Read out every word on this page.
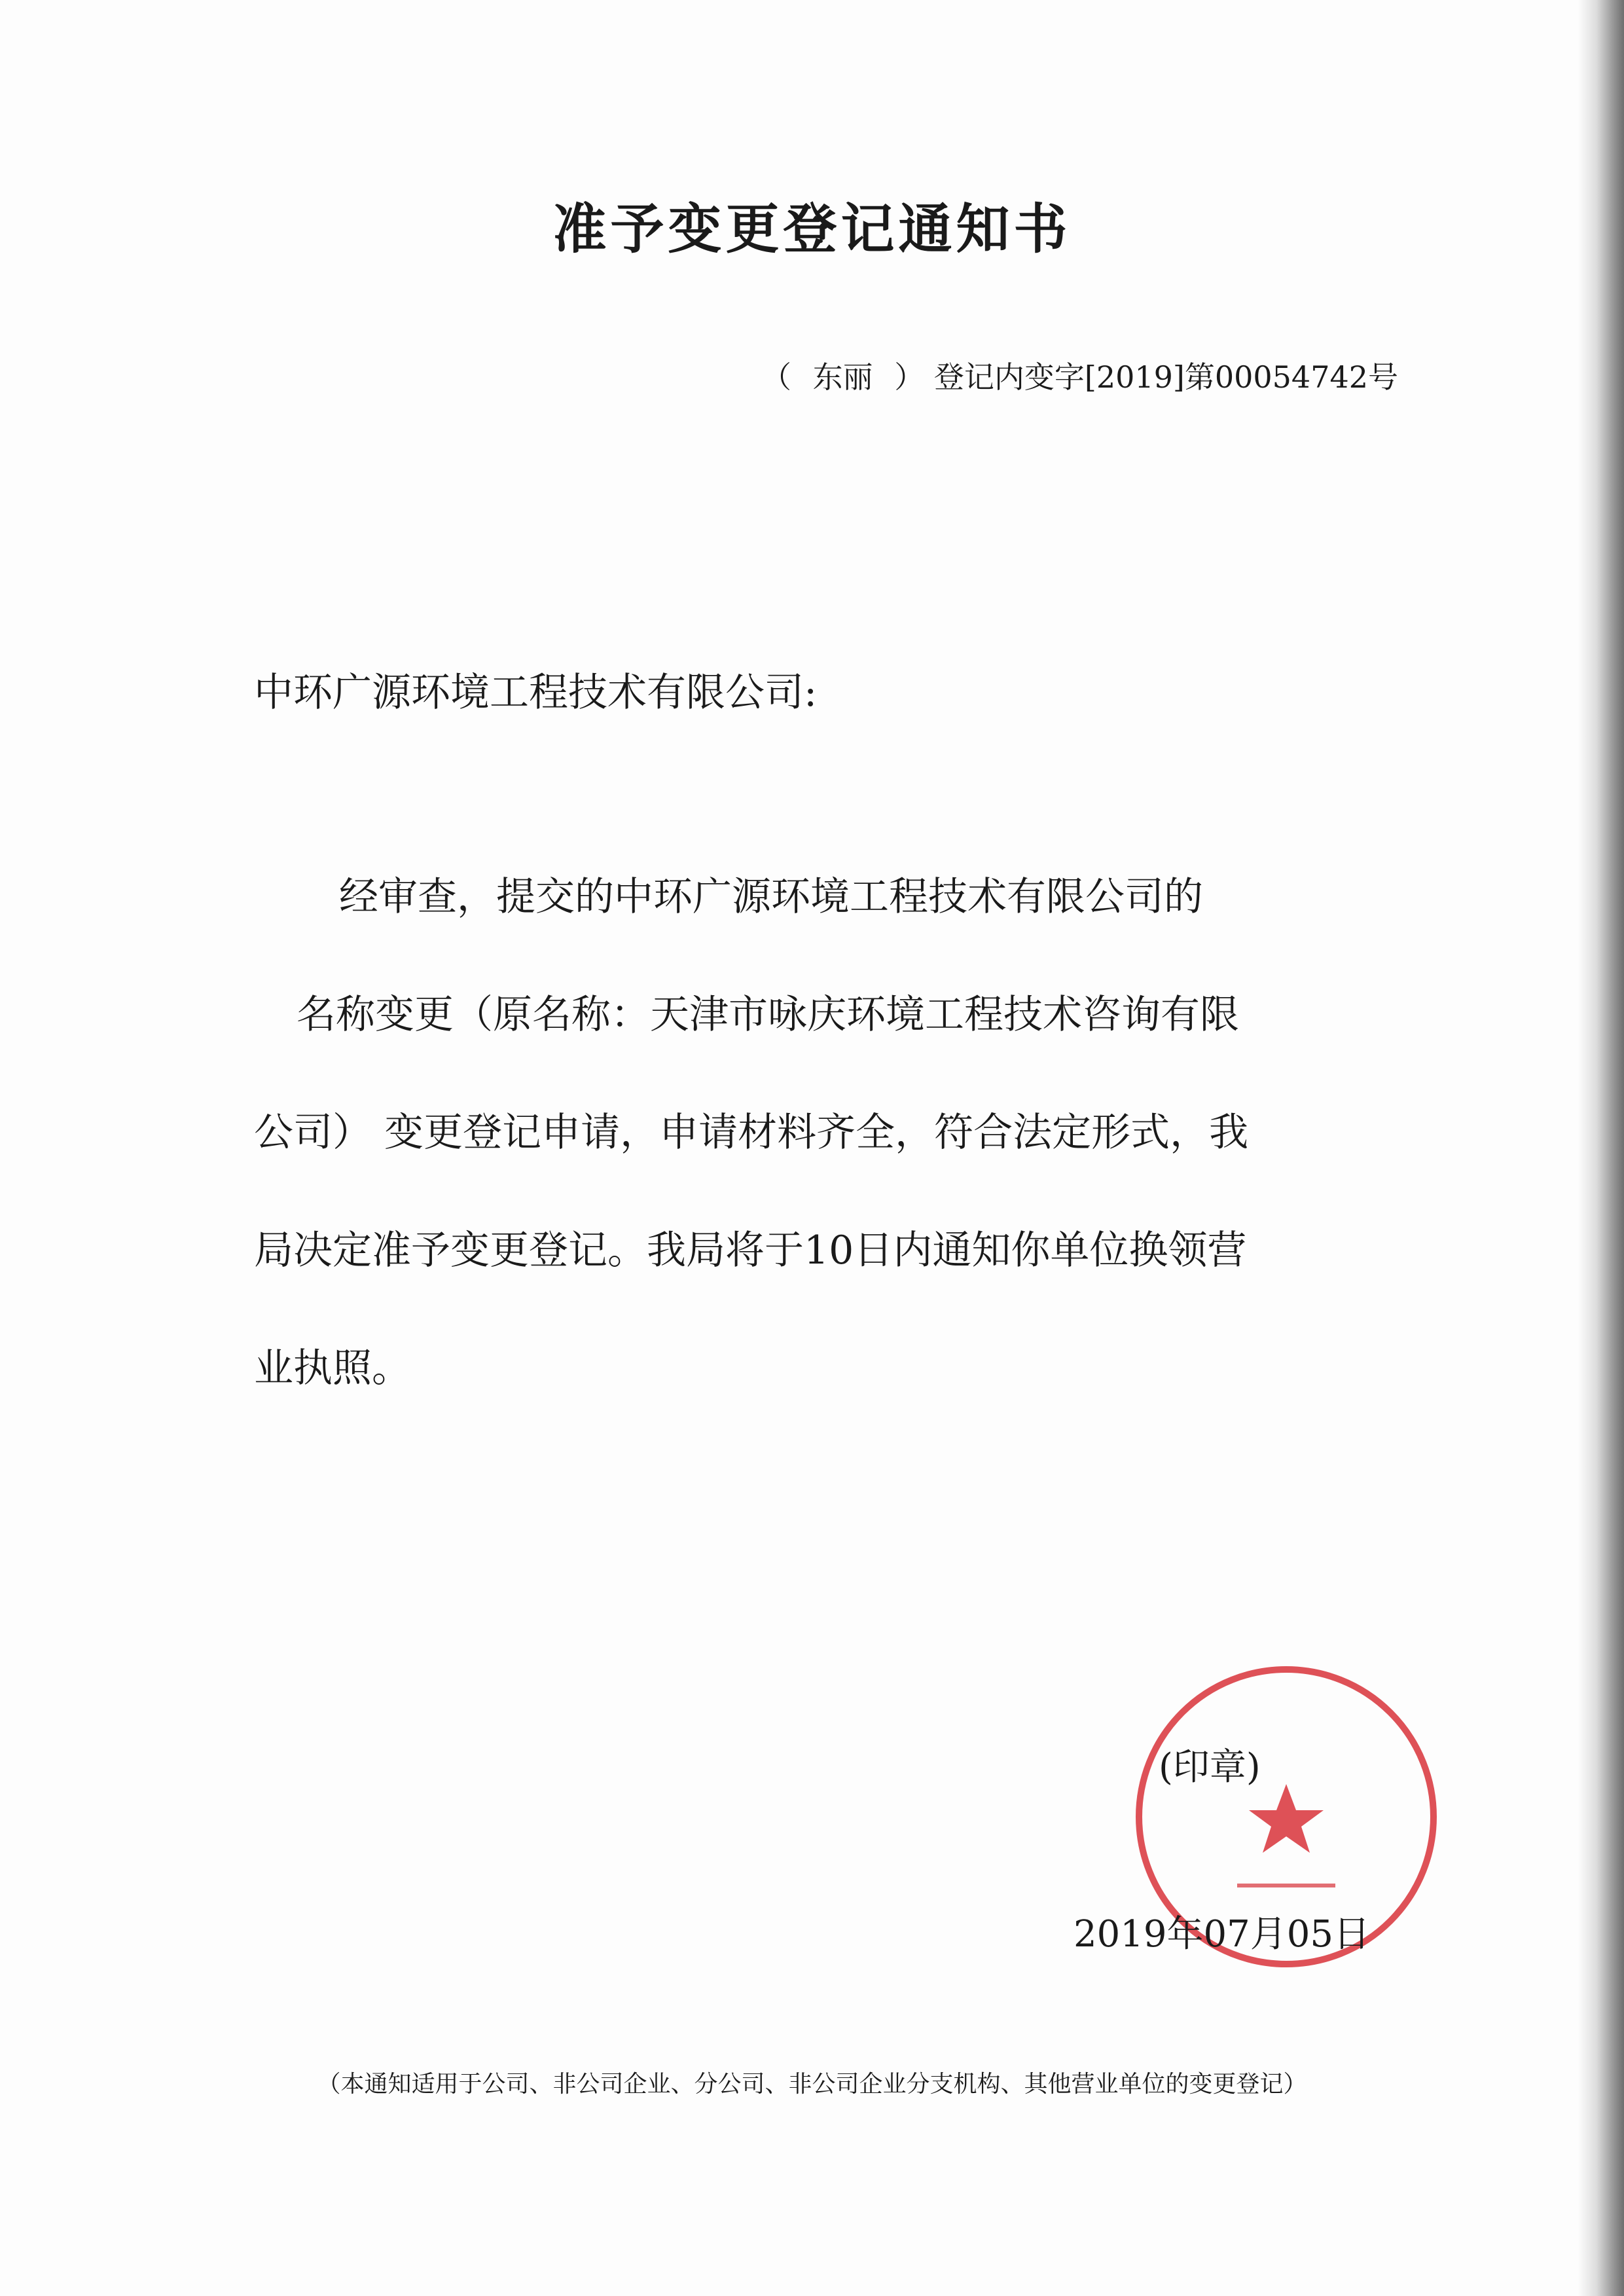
准予变更登记通知书
（ 东丽 ） 登记内变字[2019]第00054742号
中环广源环境工程技术有限公司:
经审查，提交的中环广源环境工程技术有限公司的
名称变更（原名称：天津市咏庆环境工程技术咨询有限
公司） 变更登记申请，申请材料齐全，符合法定形式，我
局决定准予变更登记。我局将于10日内通知你单位换领营
业执照。
(印章)
2019年07月05日
（本通知适用于公司、非公司企业、分公司、非公司企业分支机构、其他营业单位的变更登记）
